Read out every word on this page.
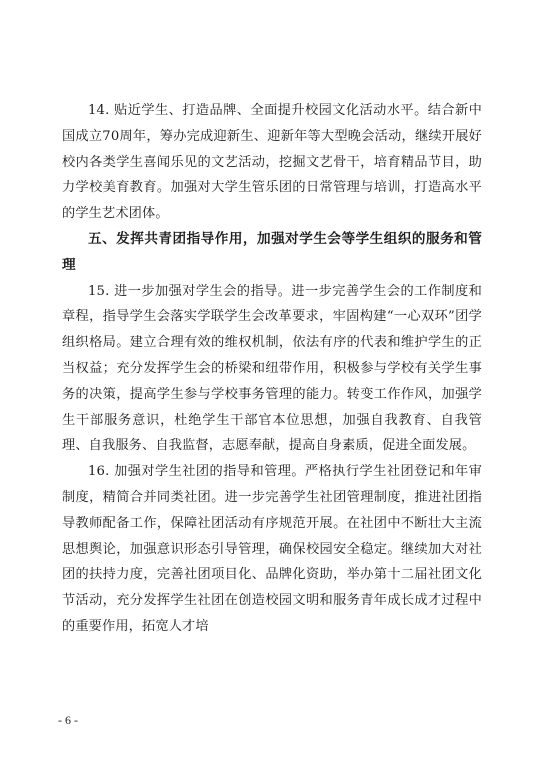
14. 贴近学生、打造品牌、全面提升校园文化活动水平。结合新中国成立70周年，筹办完成迎新生、迎新年等大型晚会活动，继续开展好校内各类学生喜闻乐见的文艺活动，挖掘文艺骨干，培育精品节目，助力学校美育教育。加强对大学生管乐团的日常管理与培训，打造高水平的学生艺术团体。

五、发挥共青团指导作用，加强对学生会等学生组织的服务和管理

15. 进一步加强对学生会的指导。进一步完善学生会的工作制度和章程，指导学生会落实学联学生会改革要求，牢固构建“一心双环”团学组织格局。建立合理有效的维权机制，依法有序的代表和维护学生的正当权益；充分发挥学生会的桥梁和纽带作用，积极参与学校有关学生事务的决策，提高学生参与学校事务管理的能力。转变工作作风，加强学生干部服务意识，杜绝学生干部官本位思想，加强自我教育、自我管理、自我服务、自我监督，志愿奉献，提高自身素质，促进全面发展。

16. 加强对学生社团的指导和管理。严格执行学生社团登记和年审制度，精简合并同类社团。进一步完善学生社团管理制度，推进社团指导教师配备工作，保障社团活动有序规范开展。在社团中不断壮大主流思想舆论，加强意识形态引导管理，确保校园安全稳定。继续加大对社团的扶持力度，完善社团项目化、品牌化资助，举办第十二届社团文化节活动，充分发挥学生社团在创造校园文明和服务青年成长成才过程中的重要作用，拓宽人才培

- 6 -
